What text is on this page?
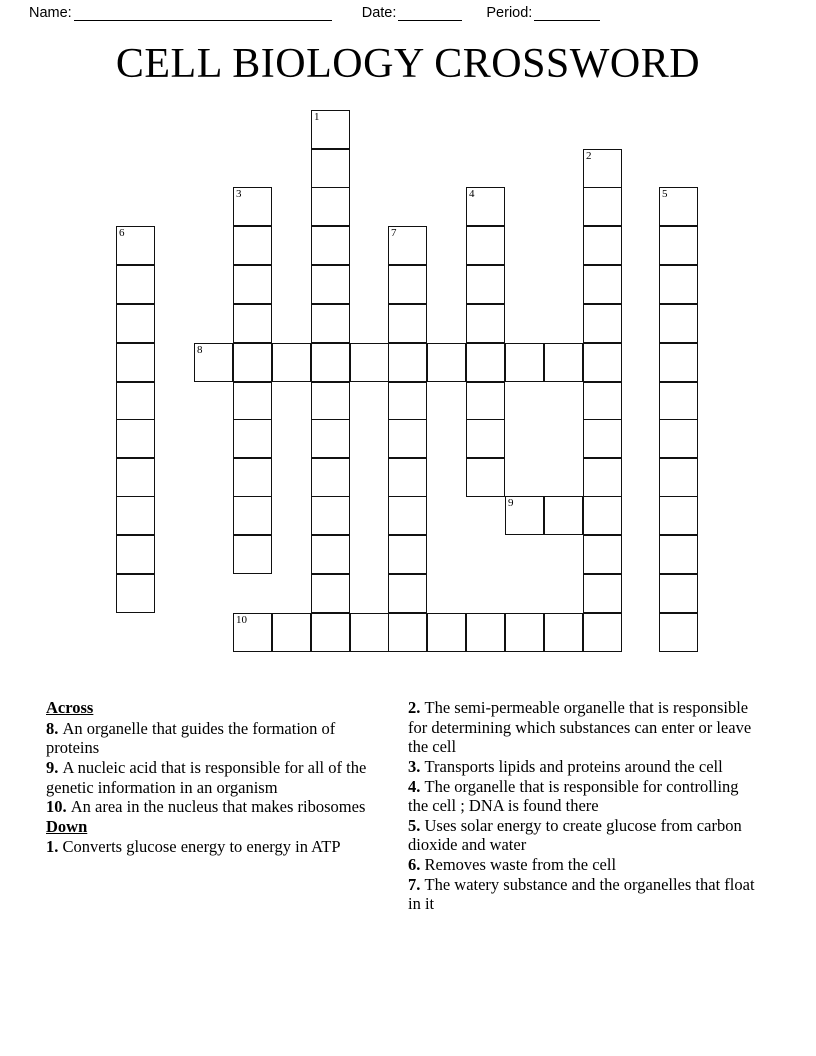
Name:	Date:	Period:
CELL BIOLOGY CROSSWORD
1
2
3	4	5
6	7
8
9
10
Across
8. An organelle that guides the formation of proteins
9. A nucleic acid that is responsible for all of the genetic information in an organism
10. An area in the nucleus that makes ribosomes
Down
1. Converts glucose energy to energy in ATP
2. The semi-permeable organelle that is responsible for determining which substances can enter or leave the cell
3. Transports lipids and proteins around the cell
4. The organelle that is responsible for controlling the cell ; DNA is found there
5. Uses solar energy to create glucose from carbon dioxide and water
6. Removes waste from the cell
7. The watery substance and the organelles that float in it
